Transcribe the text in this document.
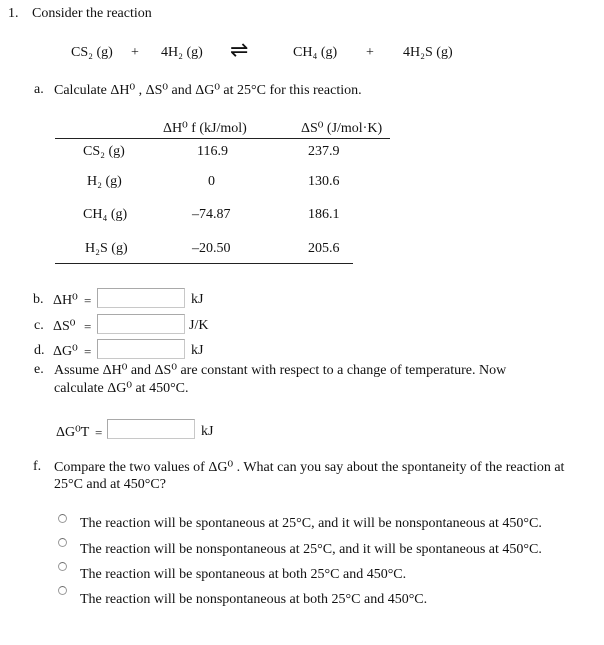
1. Consider the reaction
CS₂ (g) + 4H₂ (g) ⇌	CH₄ (g) + 4H₂S (g)
a. Calculate ΔH⁰ , ΔS⁰ and ΔG⁰ at 25°C for this reaction.
ΔH⁰ f (kJ/mol)	ΔS⁰ (J/mol·K)
CS₂ (g)	116.9	237.9
H₂ (g)	0	130.6
CH₄ (g)	–74.87	186.1
H₂S (g)	–20.50	205.6
b. ΔH⁰ =	kJ
c. ΔS⁰ =	J/K
d. ΔG⁰ =	kJ
e. Assume ΔH⁰ and ΔS⁰ are constant with respect to a change of temperature. Now
calculate ΔG⁰ at 450°C.
ΔG⁰T =	kJ
f. Compare the two values of ΔG⁰ . What can you say about the spontaneity of the reaction at
25°C and at 450°C?
The reaction will be spontaneous at 25°C, and it will be nonspontaneous at 450°C.
The reaction will be nonspontaneous at 25°C, and it will be spontaneous at 450°C.
The reaction will be spontaneous at both 25°C and 450°C.
The reaction will be nonspontaneous at both 25°C and 450°C.
